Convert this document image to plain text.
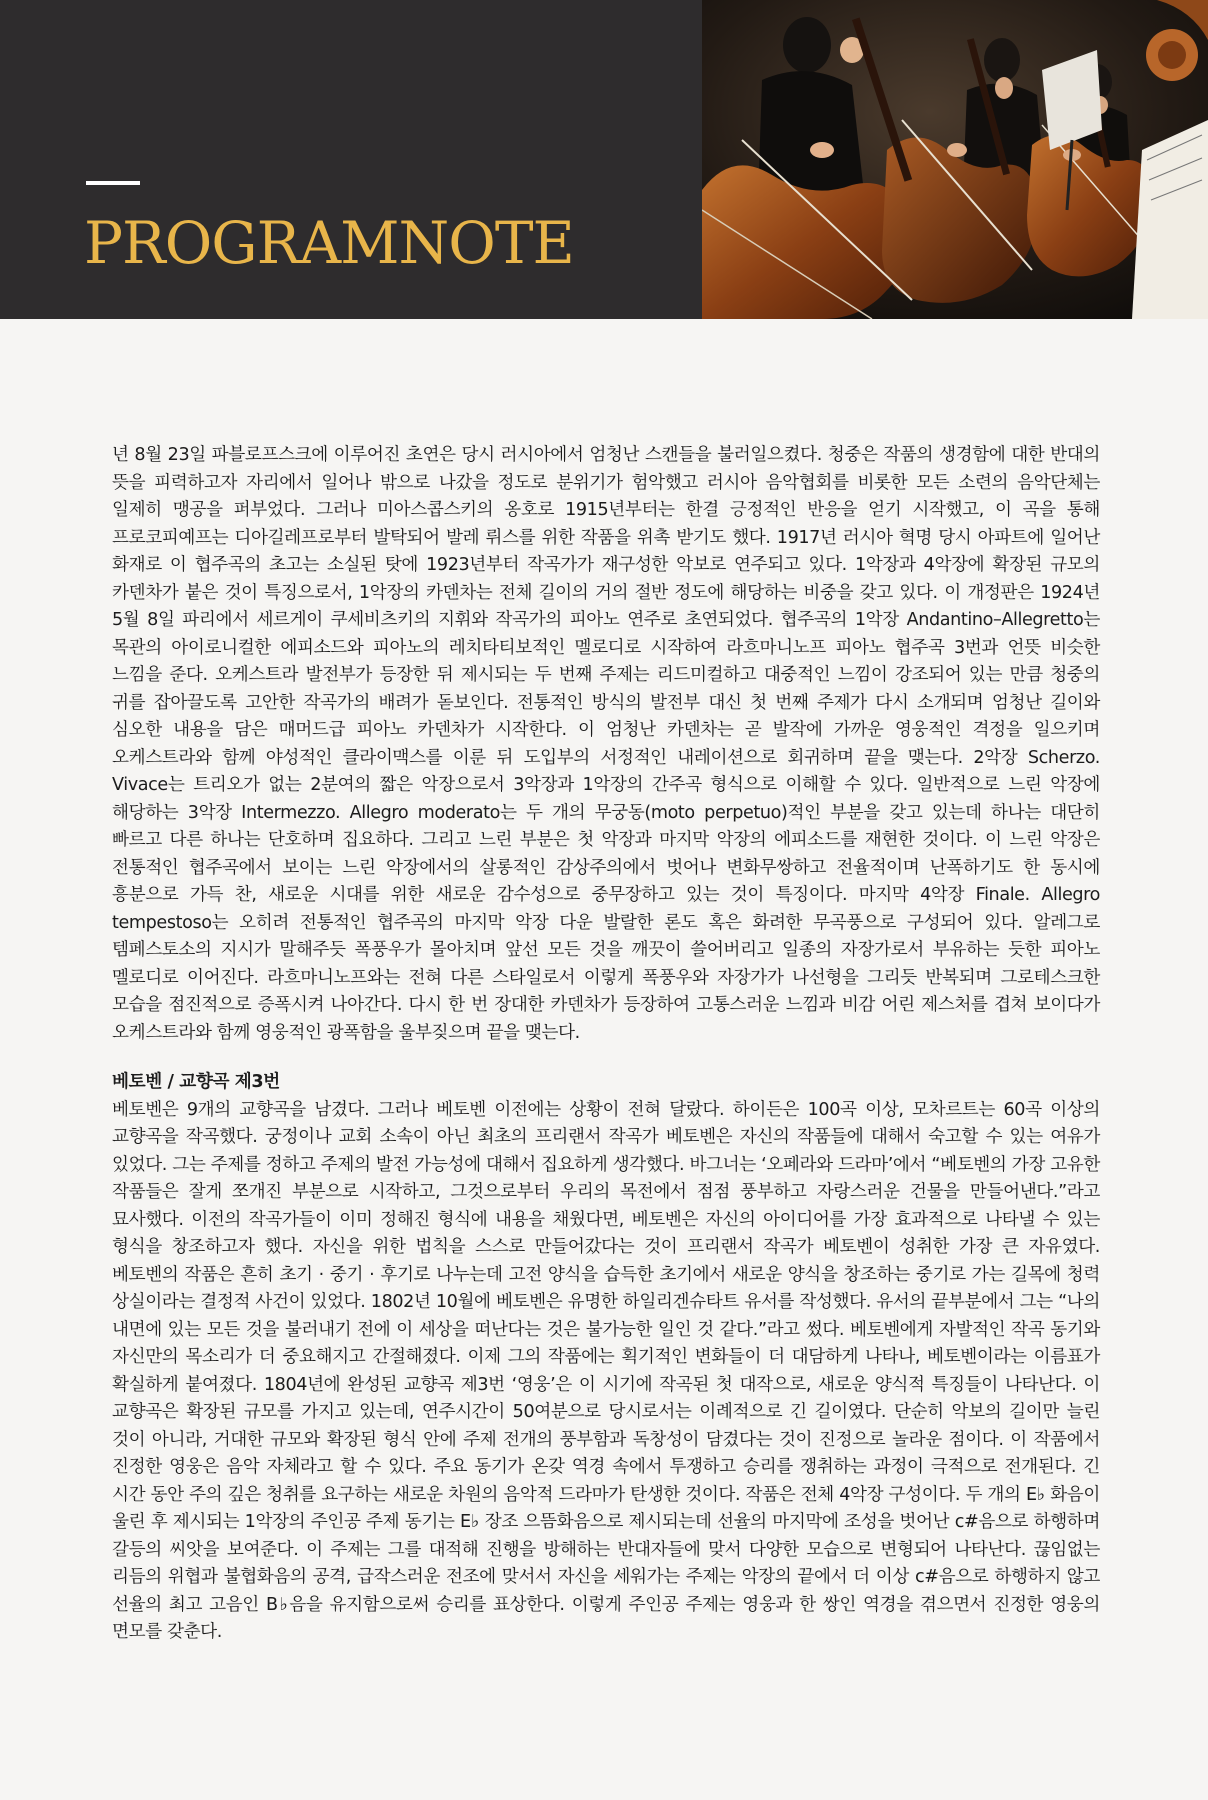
PROGRAMNOTE

년 8월 23일 파블로프스크에 이루어진 초연은 당시 러시아에서 엄청난 스캔들을 불러일으켰다. 청중은 작품의 생경함에 대한 반대의 뜻을 피력하고자 자리에서 일어나 밖으로 나갔을 정도로 분위기가 험악했고 러시아 음악협회를 비롯한 모든 소련의 음악단체는 일제히 맹공을 퍼부었다. 그러나 미아스콥스키의 옹호로 1915년부터는 한결 긍정적인 반응을 얻기 시작했고, 이 곡을 통해 프로코피예프는 디아길레프로부터 발탁되어 발레 뤼스를 위한 작품을 위촉 받기도 했다. 1917년 러시아 혁명 당시 아파트에 일어난 화재로 이 협주곡의 초고는 소실된 탓에 1923년부터 작곡가가 재구성한 악보로 연주되고 있다. 1악장과 4악장에 확장된 규모의 카덴차가 붙은 것이 특징으로서, 1악장의 카덴차는 전체 길이의 거의 절반 정도에 해당하는 비중을 갖고 있다. 이 개정판은 1924년 5월 8일 파리에서 세르게이 쿠세비츠키의 지휘와 작곡가의 피아노 연주로 초연되었다. 협주곡의 1악장 Andantino–Allegretto는 목관의 아이로니컬한 에피소드와 피아노의 레치타티보적인 멜로디로 시작하여 라흐마니노프 피아노 협주곡 3번과 언뜻 비슷한 느낌을 준다. 오케스트라 발전부가 등장한 뒤 제시되는 두 번째 주제는 리드미컬하고 대중적인 느낌이 강조되어 있는 만큼 청중의 귀를 잡아끌도록 고안한 작곡가의 배려가 돋보인다. 전통적인 방식의 발전부 대신 첫 번째 주제가 다시 소개되며 엄청난 길이와 심오한 내용을 담은 매머드급 피아노 카덴차가 시작한다. 이 엄청난 카덴차는 곧 발작에 가까운 영웅적인 격정을 일으키며 오케스트라와 함께 야성적인 클라이맥스를 이룬 뒤 도입부의 서정적인 내레이션으로 회귀하며 끝을 맺는다. 2악장 Scherzo. Vivace는 트리오가 없는 2분여의 짧은 악장으로서 3악장과 1악장의 간주곡 형식으로 이해할 수 있다. 일반적으로 느린 악장에 해당하는 3악장 Intermezzo. Allegro moderato는 두 개의 무궁동(moto perpetuo)적인 부분을 갖고 있는데 하나는 대단히 빠르고 다른 하나는 단호하며 집요하다. 그리고 느린 부분은 첫 악장과 마지막 악장의 에피소드를 재현한 것이다. 이 느린 악장은 전통적인 협주곡에서 보이는 느린 악장에서의 살롱적인 감상주의에서 벗어나 변화무쌍하고 전율적이며 난폭하기도 한 동시에 흥분으로 가득 찬, 새로운 시대를 위한 새로운 감수성으로 중무장하고 있는 것이 특징이다. 마지막 4악장 Finale. Allegro tempestoso는 오히려 전통적인 협주곡의 마지막 악장 다운 발랄한 론도 혹은 화려한 무곡풍으로 구성되어 있다. 알레그로 템페스토소의 지시가 말해주듯 폭풍우가 몰아치며 앞선 모든 것을 깨끗이 쓸어버리고 일종의 자장가로서 부유하는 듯한 피아노 멜로디로 이어진다. 라흐마니노프와는 전혀 다른 스타일로서 이렇게 폭풍우와 자장가가 나선형을 그리듯 반복되며 그로테스크한 모습을 점진적으로 증폭시켜 나아간다. 다시 한 번 장대한 카덴차가 등장하여 고통스러운 느낌과 비감 어린 제스처를 겹쳐 보이다가 오케스트라와 함께 영웅적인 광폭함을 울부짖으며 끝을 맺는다.

베토벤 / 교향곡 제3번

베토벤은 9개의 교향곡을 남겼다. 그러나 베토벤 이전에는 상황이 전혀 달랐다. 하이든은 100곡 이상, 모차르트는 60곡 이상의 교향곡을 작곡했다. 궁정이나 교회 소속이 아닌 최초의 프리랜서 작곡가 베토벤은 자신의 작품들에 대해서 숙고할 수 있는 여유가 있었다. 그는 주제를 정하고 주제의 발전 가능성에 대해서 집요하게 생각했다. 바그너는 ‘오페라와 드라마’에서 “베토벤의 가장 고유한 작품들은 잘게 쪼개진 부분으로 시작하고, 그것으로부터 우리의 목전에서 점점 풍부하고 자랑스러운 건물을 만들어낸다.”라고 묘사했다. 이전의 작곡가들이 이미 정해진 형식에 내용을 채웠다면, 베토벤은 자신의 아이디어를 가장 효과적으로 나타낼 수 있는 형식을 창조하고자 했다. 자신을 위한 법칙을 스스로 만들어갔다는 것이 프리랜서 작곡가 베토벤이 성취한 가장 큰 자유였다. 베토벤의 작품은 흔히 초기 · 중기 · 후기로 나누는데 고전 양식을 습득한 초기에서 새로운 양식을 창조하는 중기로 가는 길목에 청력 상실이라는 결정적 사건이 있었다. 1802년 10월에 베토벤은 유명한 하일리겐슈타트 유서를 작성했다. 유서의 끝부분에서 그는 “나의 내면에 있는 모든 것을 불러내기 전에 이 세상을 떠난다는 것은 불가능한 일인 것 같다.”라고 썼다. 베토벤에게 자발적인 작곡 동기와 자신만의 목소리가 더 중요해지고 간절해졌다. 이제 그의 작품에는 획기적인 변화들이 더 대담하게 나타나, 베토벤이라는 이름표가 확실하게 붙여졌다. 1804년에 완성된 교향곡 제3번 ‘영웅’은 이 시기에 작곡된 첫 대작으로, 새로운 양식적 특징들이 나타난다. 이 교향곡은 확장된 규모를 가지고 있는데, 연주시간이 50여분으로 당시로서는 이례적으로 긴 길이였다. 단순히 악보의 길이만 늘린 것이 아니라, 거대한 규모와 확장된 형식 안에 주제 전개의 풍부함과 독창성이 담겼다는 것이 진정으로 놀라운 점이다. 이 작품에서 진정한 영웅은 음악 자체라고 할 수 있다. 주요 동기가 온갖 역경 속에서 투쟁하고 승리를 쟁취하는 과정이 극적으로 전개된다. 긴 시간 동안 주의 깊은 청취를 요구하는 새로운 차원의 음악적 드라마가 탄생한 것이다. 작품은 전체 4악장 구성이다. 두 개의 E♭ 화음이 울린 후 제시되는 1악장의 주인공 주제 동기는 E♭ 장조 으뜸화음으로 제시되는데 선율의 마지막에 조성을 벗어난 c#음으로 하행하며 갈등의 씨앗을 보여준다. 이 주제는 그를 대적해 진행을 방해하는 반대자들에 맞서 다양한 모습으로 변형되어 나타난다. 끊임없는 리듬의 위협과 불협화음의 공격, 급작스러운 전조에 맞서서 자신을 세워가는 주제는 악장의 끝에서 더 이상 c#음으로 하행하지 않고 선율의 최고 고음인 B♭음을 유지함으로써 승리를 표상한다. 이렇게 주인공 주제는 영웅과 한 쌍인 역경을 겪으면서 진정한 영웅의 면모를 갖춘다.
